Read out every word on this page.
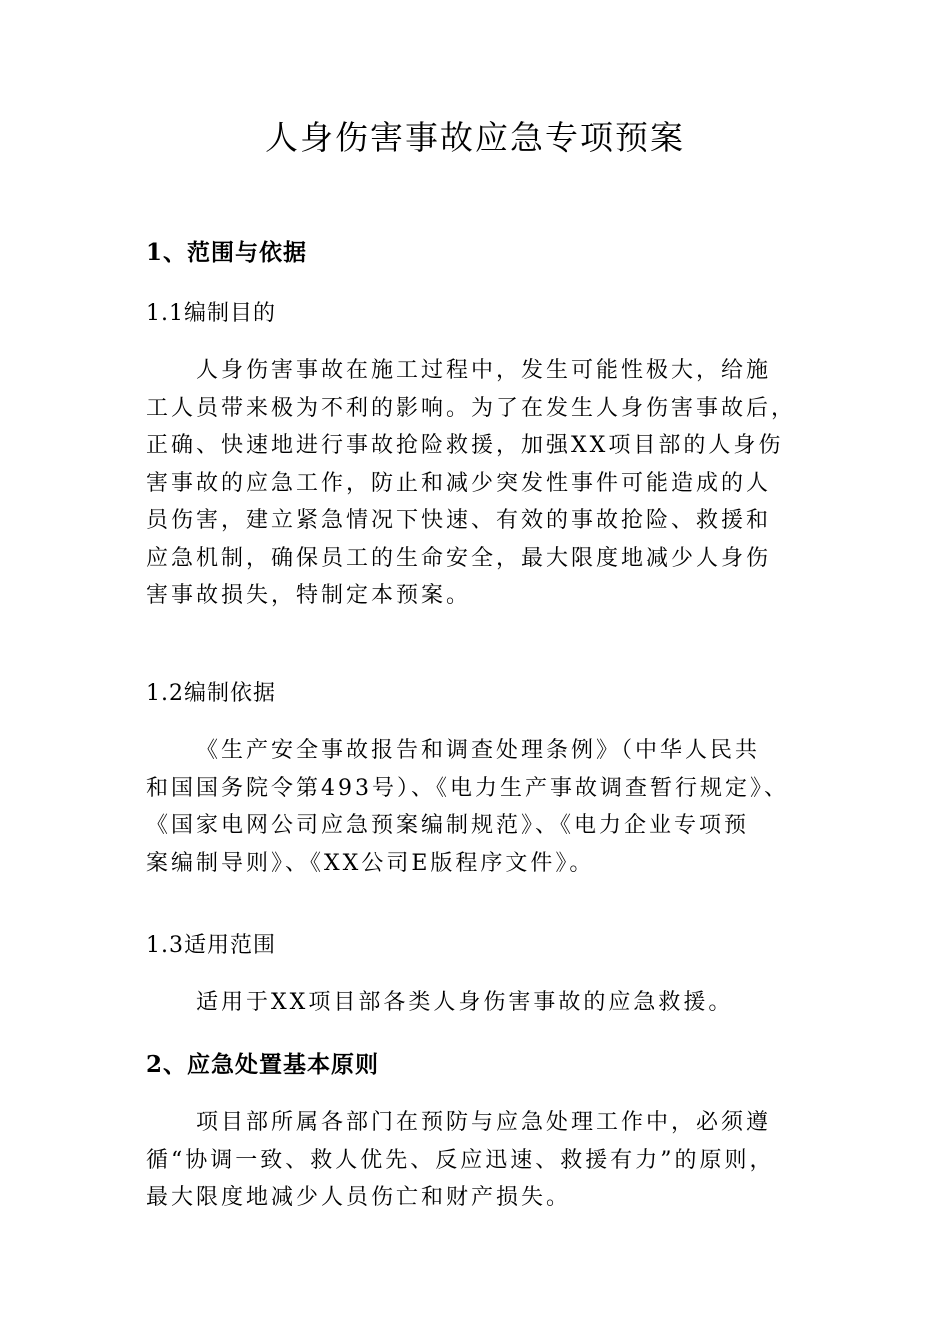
人身伤害事故应急专项预案
1、范围与依据
1.1编制目的
人身伤害事故在施工过程中，发生可能性极大，给施
工人员带来极为不利的影响。为了在发生人身伤害事故后，
正确、快速地进行事故抢险救援，加强XX项目部的人身伤
害事故的应急工作，防止和减少突发性事件可能造成的人
员伤害，建立紧急情况下快速、有效的事故抢险、救援和
应急机制，确保员工的生命安全，最大限度地减少人身伤
害事故损失，特制定本预案。
1.2编制依据
《生产安全事故报告和调查处理条例》（中华人民共
和国国务院令第493号）、《电力生产事故调查暂行规定》、
《国家电网公司应急预案编制规范》、《电力企业专项预
案编制导则》、《XX公司E版程序文件》。
1.3适用范围
适用于XX项目部各类人身伤害事故的应急救援。
2、应急处置基本原则
项目部所属各部门在预防与应急处理工作中，必须遵
循“协调一致、救人优先、反应迅速、救援有力”的原则，
最大限度地减少人员伤亡和财产损失。
